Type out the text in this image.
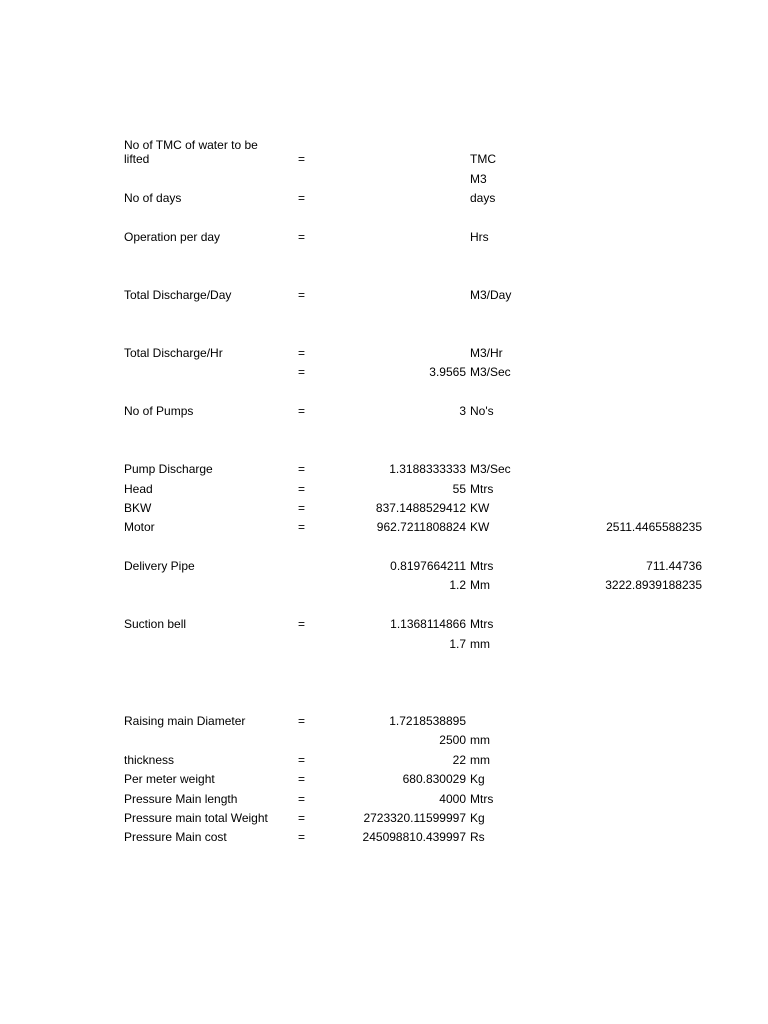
No of TMC of water to be
lifted	=	TMC
M3
No of days	=	days
Operation per day	=	Hrs
Total Discharge/Day	=	M3/Day
Total Discharge/Hr	=	M3/Hr
=	3.9565 M3/Sec
No of Pumps	=	3 No's
Pump Discharge	=	1.3188333333 M3/Sec
Head	=	55 Mtrs
BKW	=	837.1488529412 KW
Motor	=	962.7211808824 KW	2511.4465588235
Delivery Pipe	0.8197664211 Mtrs	711.44736
1.2 Mm	3222.8939188235
Suction bell	=	1.1368114866 Mtrs
1.7 mm
Raising main Diameter	=	1.7218538895
2500 mm
thickness	=	22 mm
Per meter weight	=	680.830029 Kg
Pressure Main length	=	4000 Mtrs
Pressure main total Weight	=	2723320.11599997 Kg
Pressure Main cost	=	245098810.439997 Rs
